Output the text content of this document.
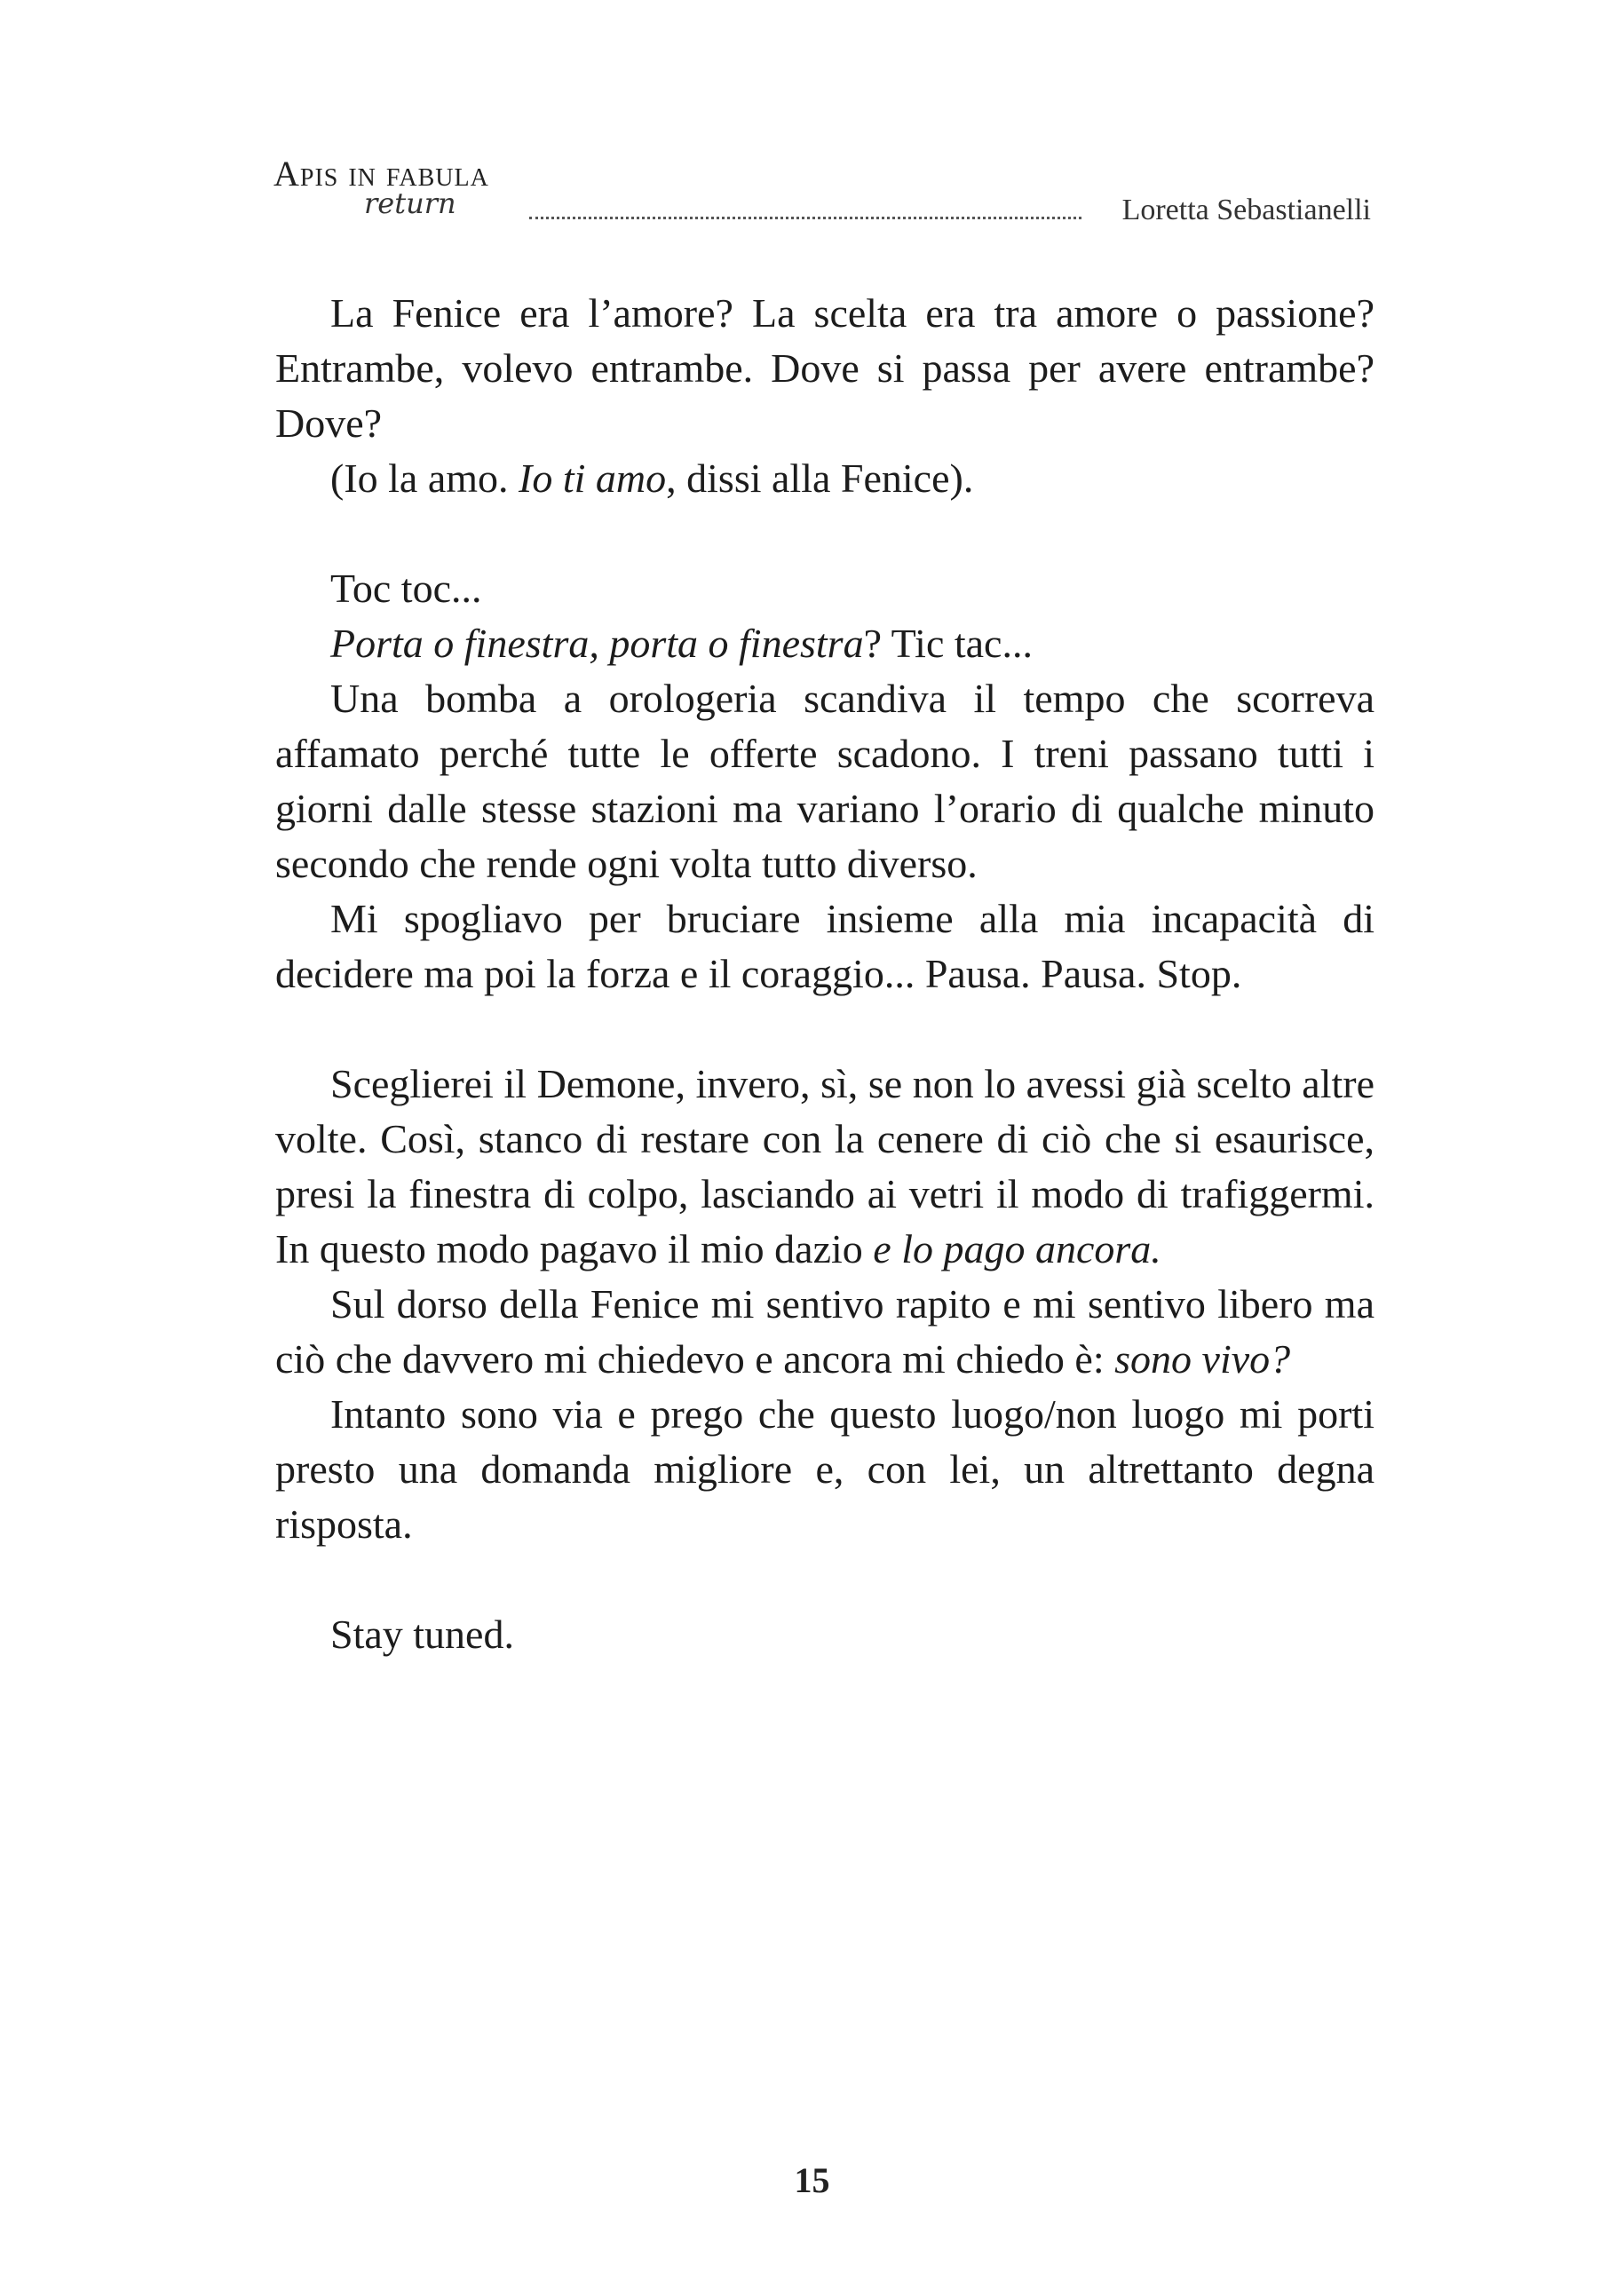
Apis in fabula
return	Loretta Sebastianelli

La Fenice era l’amore? La scelta era tra amore o passione? Entrambe, volevo entrambe. Dove si passa per avere entrambe? Dove?

(Io la amo. Io ti amo, dissi alla Fenice).

Toc toc...

Porta o finestra, porta o finestra? Tic tac...

Una bomba a orologeria scandiva il tempo che scorreva affamato perché tutte le offerte scadono. I treni passano tutti i giorni dalle stesse stazioni ma variano l’orario di qualche minuto secondo che rende ogni volta tutto diverso.

Mi spogliavo per bruciare insieme alla mia incapacità di decidere ma poi la forza e il coraggio... Pausa. Pausa. Stop.

Sceglierei il Demone, invero, sì, se non lo avessi già scelto altre volte. Così, stanco di restare con la cenere di ciò che si esaurisce, presi la finestra di colpo, lasciando ai vetri il modo di trafiggermi. In questo modo pagavo il mio dazio e lo pago ancora.

Sul dorso della Fenice mi sentivo rapito e mi sentivo libero ma ciò che davvero mi chiedevo e ancora mi chiedo è: sono vivo?

Intanto sono via e prego che questo luogo/non luogo mi porti presto una domanda migliore e, con lei, un altrettanto degna risposta.

Stay tuned.

15
